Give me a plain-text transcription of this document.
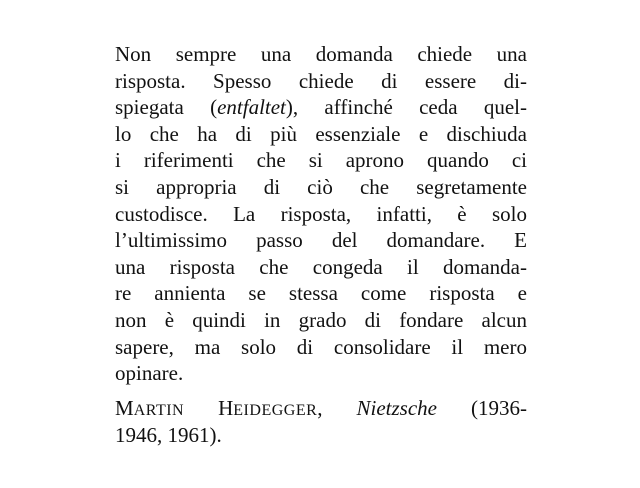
Non sempre una domanda chiede una
risposta. Spesso chiede di essere di-
spiegata (entfaltet), affinché ceda quel-
lo che ha di più essenziale e dischiuda
i riferimenti che si aprono quando ci
si appropria di ciò che segretamente
custodisce. La risposta, infatti, è solo
l’ultimissimo passo del domandare. E
una risposta che congeda il domanda-
re annienta se stessa come risposta e
non è quindi in grado di fondare alcun
sapere, ma solo di consolidare il mero
opinare.
MARTIN HEIDEGGER, Nietzsche (1936-
1946, 1961).
